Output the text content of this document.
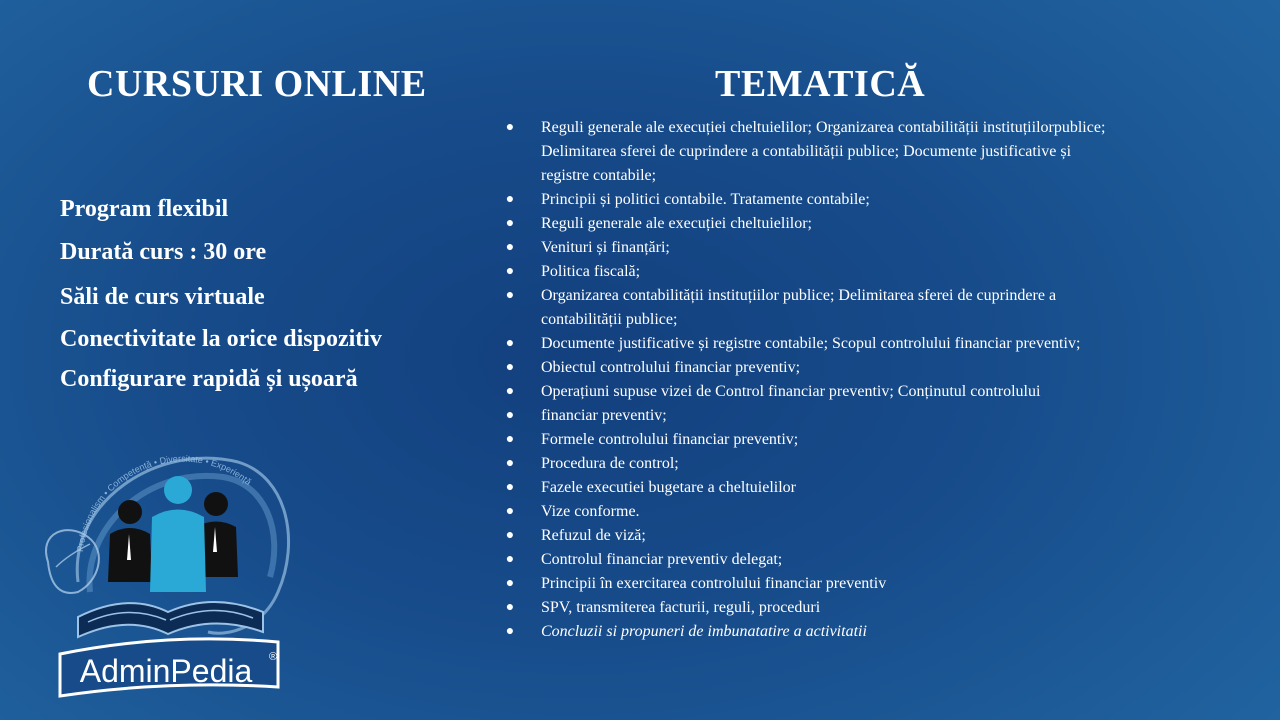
CURSURI ONLINE	TEMATICĂ
Program flexibil
Durată curs : 30 ore
Săli de curs virtuale
Conectivitate la orice dispozitiv
Configurare rapidă și ușoară
● Reguli generale ale execuției cheltuielilor; Organizarea contabilității instituțiilorpublice;
Delimitarea sferei de cuprindere a contabilității publice; Documente justificative și
registre contabile;
● Principii și politici contabile. Tratamente contabile;
● Reguli generale ale execuției cheltuielilor;
● Venituri și finanțări;
● Politica fiscală;
● Organizarea contabilității instituțiilor publice; Delimitarea sferei de cuprindere a
contabilității publice;
● Documente justificative și registre contabile; Scopul controlului financiar preventiv;
● Obiectul controlului financiar preventiv;
● Operațiuni supuse vizei de Control financiar preventiv; Conținutul controlului
● financiar preventiv;
● Formele controlului financiar preventiv;
● Procedura de control;
● Fazele executiei bugetare a cheltuielilor
● Vize conforme.
● Refuzul de viză;
● Controlul financiar preventiv delegat;
● Principii în exercitarea controlului financiar preventiv
● SPV, transmiterea facturii, reguli, proceduri
● Concluzii si propuneri de imbunatatire a activitatii
Profesionalism • Competență • Diversitate • Experiență
AdminPedia ®
